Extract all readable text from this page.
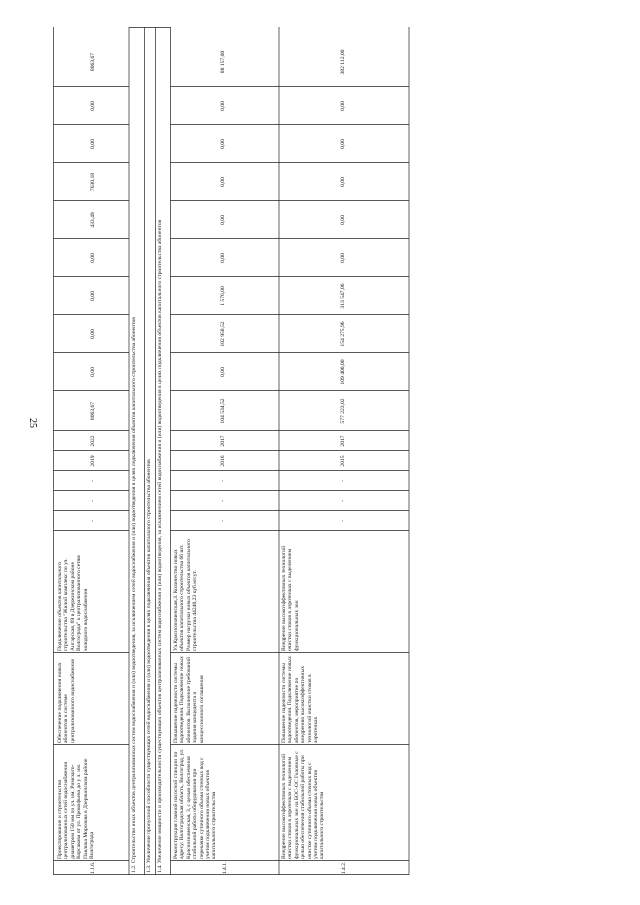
25
1.1.6.
Проектирование и строительство централизованных сетей водоснабжения диаметром 150 мм по ул. им. Римского-Корсакова от ул. Прокофьева до у л. им. Павлика Морозова в Дзержинском районе Волгограда
Обеспечение подключения новых абонентов к системе централизованного водоснабжения
Подключение объектов капитального строительства "Жилой комплекс по ул. Ангарская, 69 в Дзержинском районе Волгограда" к централизованного сетям холодного водоснабжения
-
-
-
2019
2022
8063,67
0,00
0,00
0,00
0,00
433,49
7630,18
0,00
0,00
8063,67
1.2. Строительство иных объектов централизованных систем водоснабжения и (или) водоотведения, за исключением сетей водоснабжения и (или) водоотведения в целях подключения объектов капитального строительства абонентов	1.3. Увеличение пропускной способности существующих сетей водоснабжения и (или) водоотведения в целях подключения объектов капитального строительства абонентов 1.4. Увеличение мощности и производительности существующих объектов централизованных систем водоснабжения и (или) водоотведения, за исключением сетей водоснабжения и (или) водоотведения в целях подключения объектов капитального строительства абонентов	1.4.1.
Реконструкция главной насосной станции по адресу: Волгоградская область, Волгоград, ул. Краснознаменская, 3, с целью обеспечения стабильной работы оборудования при перекачке суточного объема сточных вод с учетом подключения новых объектов капитального строительства
Повышение надежности системы водоотведения. Подключение новых абонентов. Выполнение требований задания концедента и концессионного соглашения
Ул.Краснозначенская,3. Количество новых объектов капитального строительства 66 шт. Размер нагрузки новых объектов капитального строительства 44248,23 куб.м/сут.
-
-
-
2016
2017
104 534,52
0,00
102 958,52
1 576,00
0,00
0,00
0,00
0,00
0,00
88 157,00
1.4.2.
Внедрение высокоэффективных технологий очистки стоков в аэротенках с выделением функциональных зон на БОС-ОС Головные с целью обеспечения стабильной работы при очистке суточного объема сточных вод с учетом подключения новых объектов капитального строительства
Повышение надежности системы водоотведения. Подключение новых абонентов, мероприятие по внедрению высокоэффективных технологий очистки стоков в аэротенках
Внедрение высокоэффективных технологий очистки стоков в аэротенках с выделением функциональных зон
-
-
-
2015
2017
577 223,02
109 400,00
154 275,96
313 547,06
0,00
0,00
0,00
0,00
0,00
382 112,00
